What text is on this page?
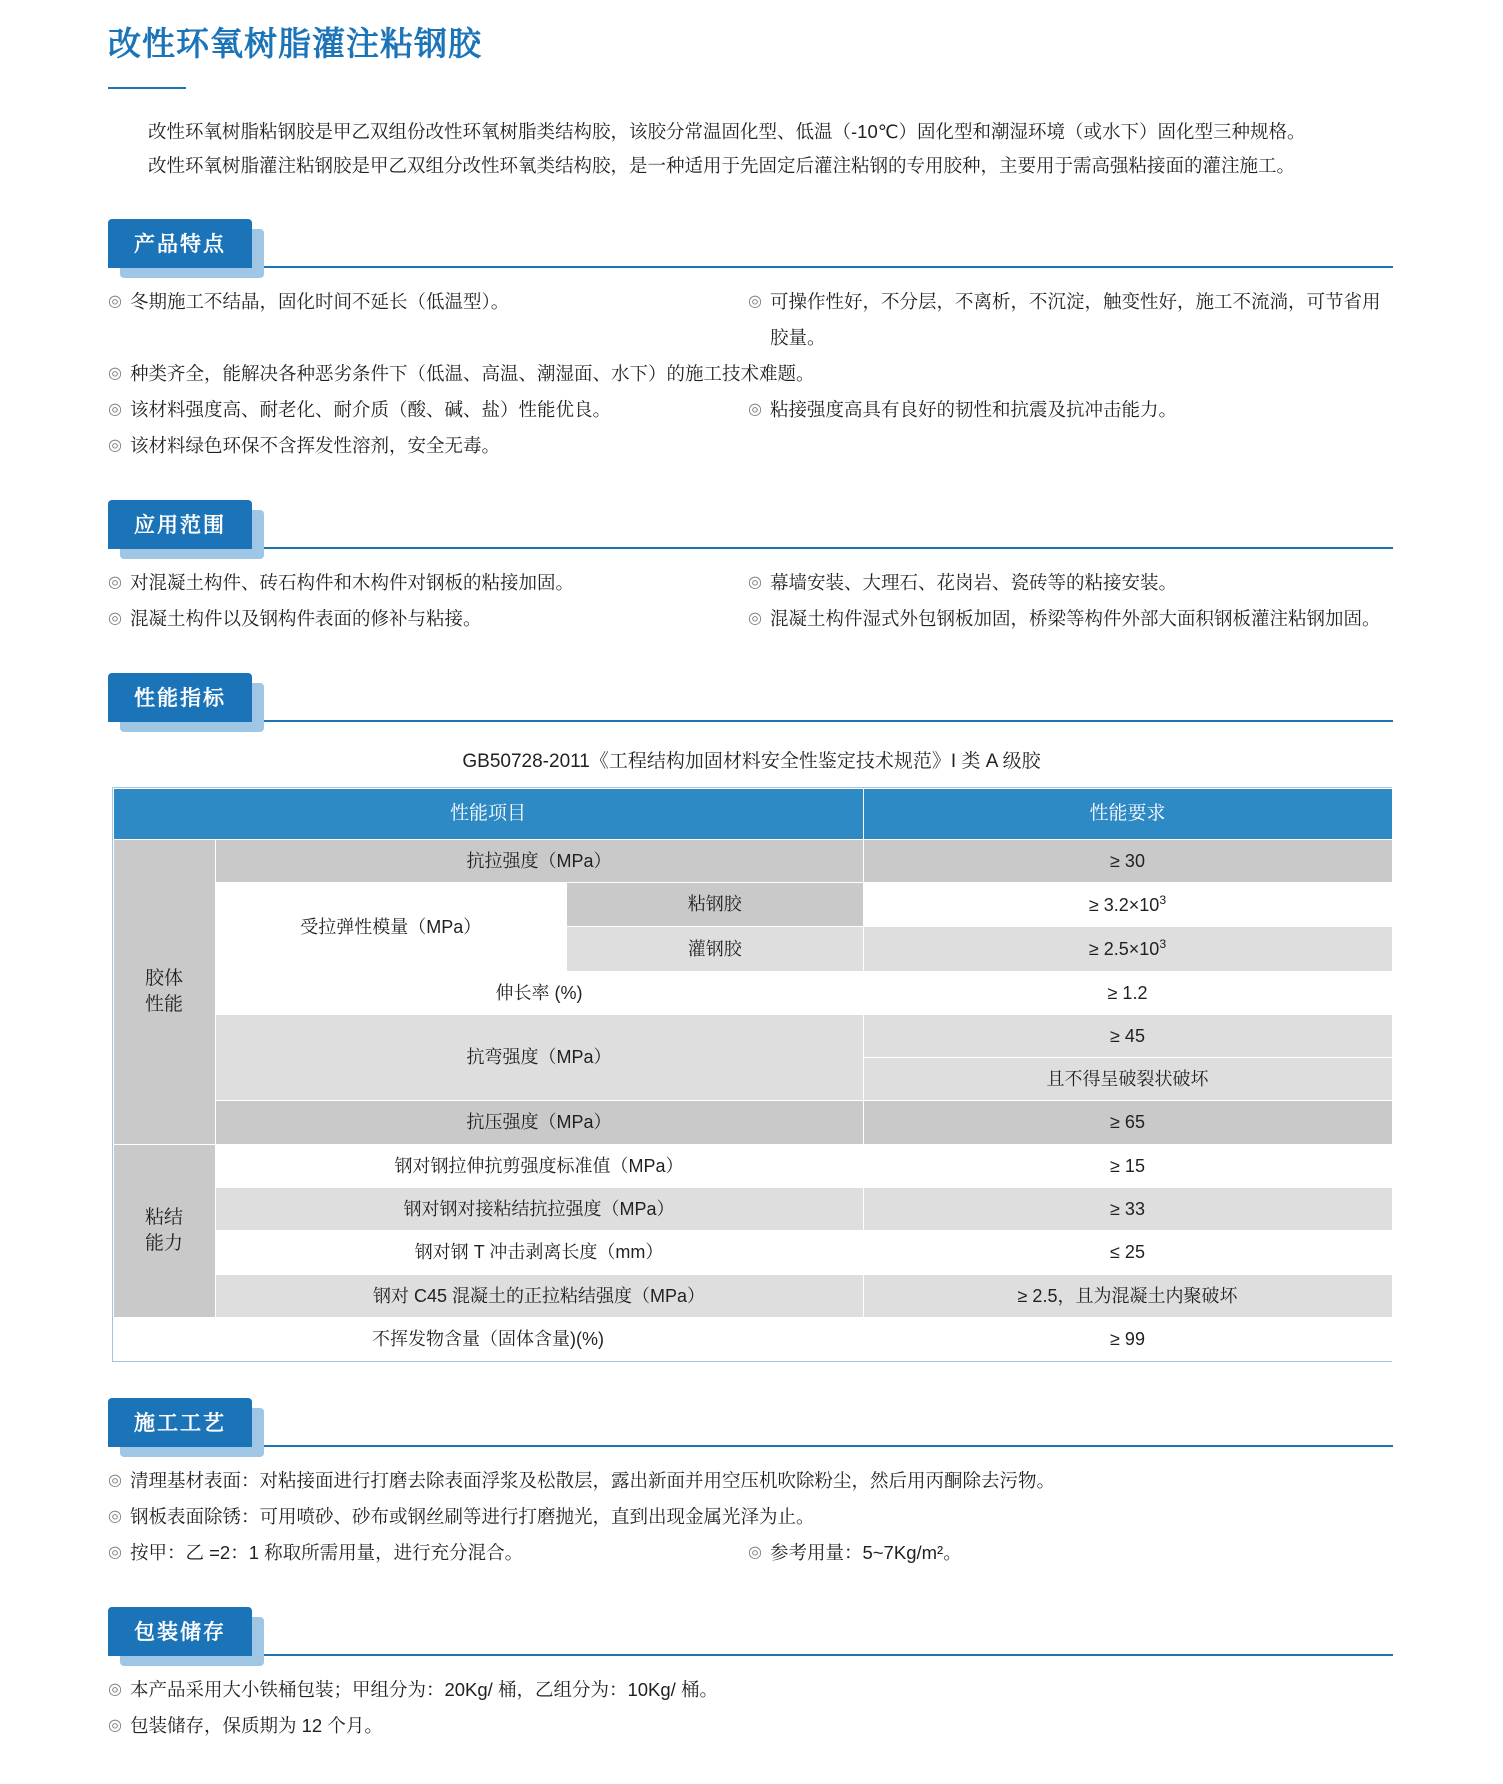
改性环氧树脂灌注粘钢胶

改性环氧树脂粘钢胶是甲乙双组份改性环氧树脂类结构胶，该胶分常温固化型、低温（-10℃）固化型和潮湿环境（或水下）固化型三种规格。

改性环氧树脂灌注粘钢胶是甲乙双组分改性环氧类结构胶，是一种适用于先固定后灌注粘钢的专用胶种，主要用于需高强粘接面的灌注施工。

产品特点
◎ 冬期施工不结晶，固化时间不延长（低温型）。	◎ 可操作性好，不分层，不离析，不沉淀，触变性好，施工不流淌，可节省用胶量。
◎ 种类齐全，能解决各种恶劣条件下（低温、高温、潮湿面、水下）的施工技术难题。
◎ 该材料强度高、耐老化、耐介质（酸、碱、盐）性能优良。	◎ 粘接强度高具有良好的韧性和抗震及抗冲击能力。
◎ 该材料绿色环保不含挥发性溶剂，安全无毒。
应用范围
◎ 对混凝土构件、砖石构件和木构件对钢板的粘接加固。	◎ 幕墙安装、大理石、花岗岩、瓷砖等的粘接安装。
◎ 混凝土构件以及钢构件表面的修补与粘接。	◎ 混凝土构件湿式外包钢板加固，桥梁等构件外部大面积钢板灌注粘钢加固。
性能指标
GB50728-2011《工程结构加固材料安全性鉴定技术规范》I 类 A 级胶
性能项目			性能要求
胶体
性能	抗拉强度（MPa）		≥ 30
	受拉弹性模量（MPa）	粘钢胶	≥ $3.2\times 10^3$
		灌钢胶	≥ $2.5\times 10^3$
	伸长率 (%)		≥ 1.2
	抗弯强度（MPa）		≥ 45
			且不得呈破裂状破坏
	抗压强度（MPa）		≥ 65
粘结
能力	钢对钢拉伸抗剪强度标准值（MPa）		≥ 15
	钢对钢对接粘结抗拉强度（MPa）		≥ 33
	钢对钢 T 冲击剥离长度（mm）		≤ 25
	钢对 C45 混凝土的正拉粘结强度（MPa）		≥ 2.5，且为混凝土内聚破坏
不挥发物含量（固体含量)(%)			≥ 99
施工工艺
◎ 清理基材表面：对粘接面进行打磨去除表面浮浆及松散层，露出新面并用空压机吹除粉尘，然后用丙酮除去污物。
◎ 钢板表面除锈：可用喷砂、砂布或钢丝刷等进行打磨抛光，直到出现金属光泽为止。
◎ 按甲：乙 =2：1 称取所需用量，进行充分混合。	◎ 参考用量：5~7Kg/m²。
包装储存
◎ 本产品采用大小铁桶包装；甲组分为：20Kg/ 桶，乙组分为：10Kg/ 桶。
◎ 包装储存，保质期为 12 个月。
